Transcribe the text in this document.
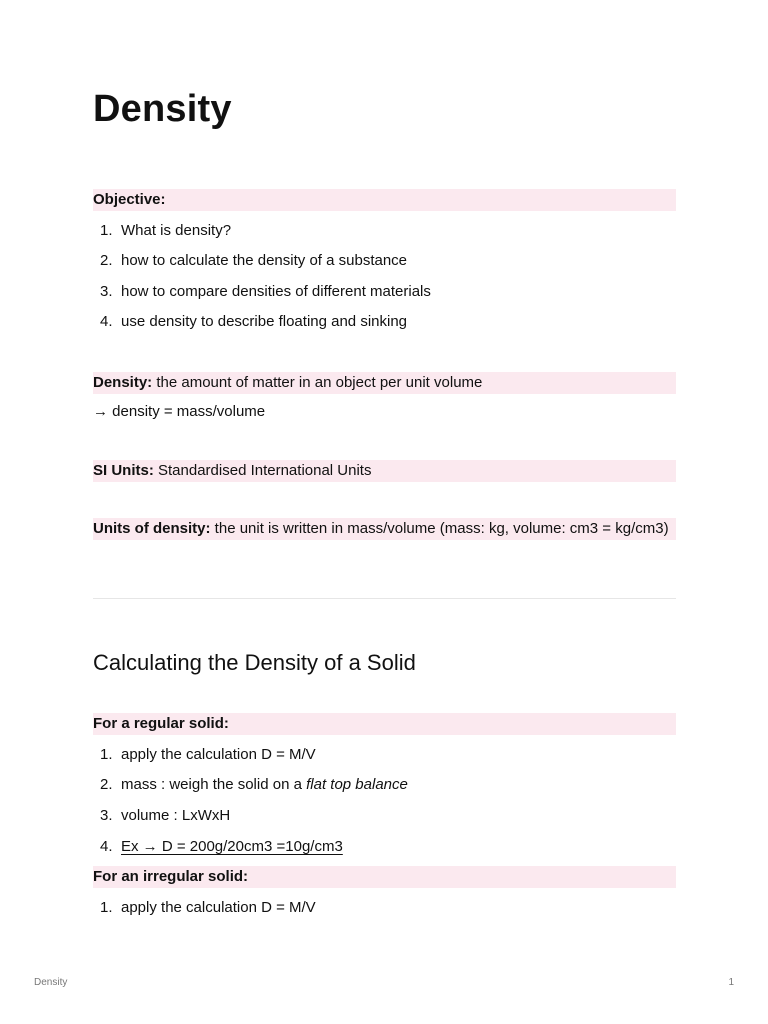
Density
Objective:
1. What is density?
2. how to calculate the density of a substance
3. how to compare densities of different materials
4. use density to describe floating and sinking
Density: the amount of matter in an object per unit volume
→ density = mass/volume
SI Units: Standardised International Units
Units of density: the unit is written in mass/volume (mass: kg, volume: cm3 = kg/cm3)
Calculating the Density of a Solid
For a regular solid:
1. apply the calculation D = M/V
2. mass : weigh the solid on a flat top balance
3. volume : LxWxH
4. Ex → D = 200g/20cm3 =10g/cm3
For an irregular solid:
1. apply the calculation D = M/V
Density	1
